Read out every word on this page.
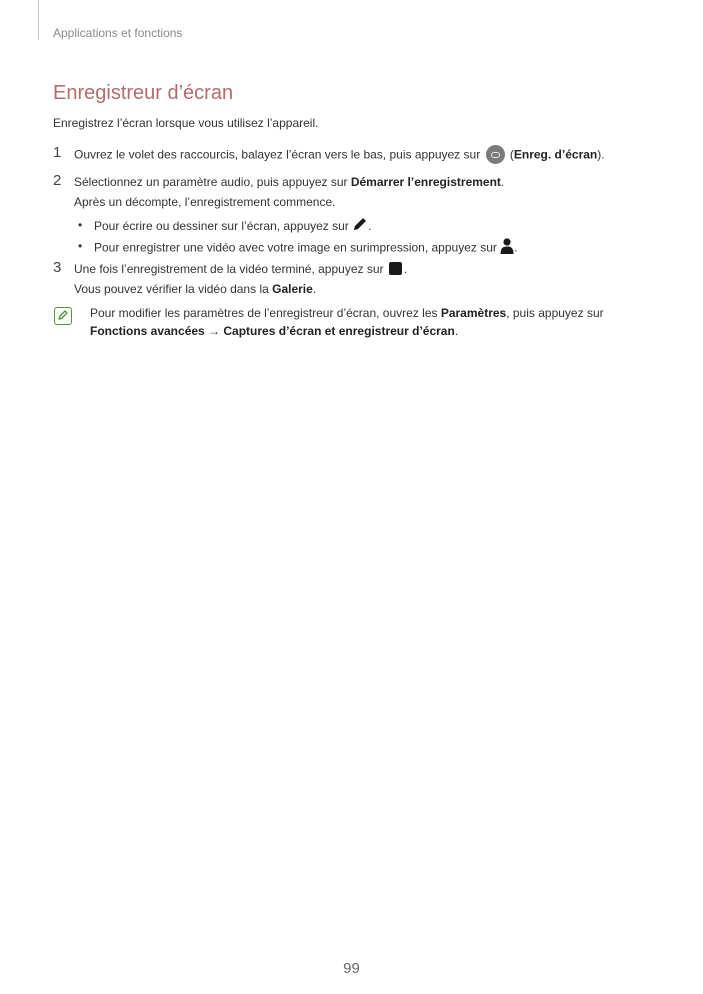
Applications et fonctions
Enregistreur d’écran
Enregistrez l’écran lorsque vous utilisez l’appareil.
1 Ouvrez le volet des raccourcis, balayez l’écran vers le bas, puis appuyez sur
(Enreg. d’écran).
2 Sélectionnez un paramètre audio, puis appuyez sur Démarrer l’enregistrement.
Après un décompte, l’enregistrement commence.
• Pour écrire ou dessiner sur l’écran, appuyez sur .
• Pour enregistrer une vidéo avec votre image en surimpression, appuyez sur .
3 Une fois l’enregistrement de la vidéo terminé, appuyez sur .
Vous pouvez vérifier la vidéo dans la Galerie.
Pour modifier les paramètres de l’enregistreur d’écran, ouvrez les Paramètres, puis appuyez sur
Fonctions avancées → Captures d’écran et enregistreur d’écran.
99
